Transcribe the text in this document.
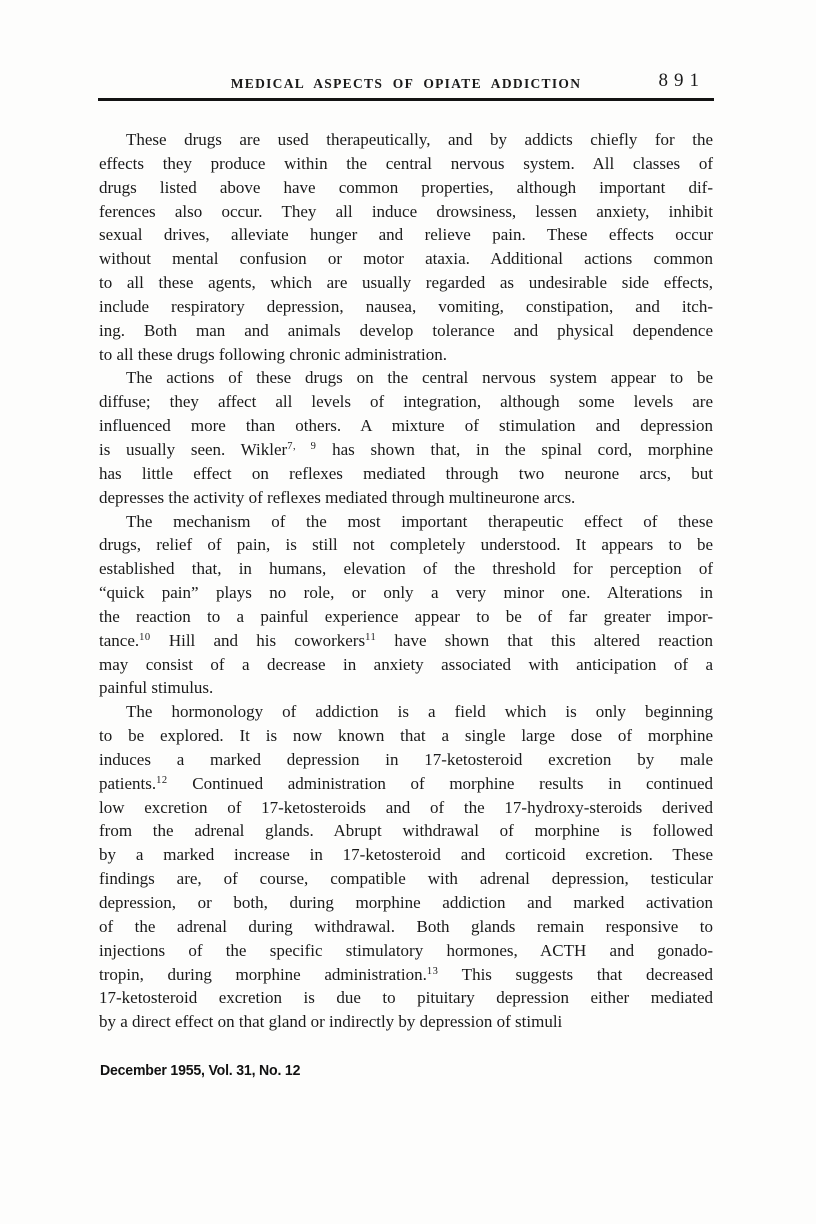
MEDICAL ASPECTS OF OPIATE ADDICTION	891
These drugs are used therapeutically, and by addicts chiefly for the
effects they produce within the central nervous system. All classes of
drugs listed above have common properties, although important dif-
ferences also occur. They all induce drowsiness, lessen anxiety, inhibit
sexual drives, alleviate hunger and relieve pain. These effects occur
without mental confusion or motor ataxia. Additional actions common
to all these agents, which are usually regarded as undesirable side effects,
include respiratory depression, nausea, vomiting, constipation, and itch-
ing. Both man and animals develop tolerance and physical dependence
to all these drugs following chronic administration.
The actions of these drugs on the central nervous system appear to be
diffuse; they affect all levels of integration, although some levels are
influenced more than others. A mixture of stimulation and depression
is usually seen. Wikler$^{7, 9}$ has shown that, in the spinal cord, morphine
has little effect on reflexes mediated through two neurone arcs, but
depresses the activity of reflexes mediated through multineurone arcs.
The mechanism of the most important therapeutic effect of these
drugs, relief of pain, is still not completely understood. It appears to be
established that, in humans, elevation of the threshold for perception of
“quick pain” plays no role, or only a very minor one. Alterations in
the reaction to a painful experience appear to be of far greater impor-
tance.$^{10}$ Hill and his coworkers$^{11}$ have shown that this altered reaction
may consist of a decrease in anxiety associated with anticipation of a
painful stimulus.
The hormonology of addiction is a field which is only beginning
to be explored. It is now known that a single large dose of morphine
induces a marked depression in 17-ketosteroid excretion by male
patients.$^{12}$ Continued administration of morphine results in continued
low excretion of 17-ketosteroids and of the 17-hydroxy-steroids derived
from the adrenal glands. Abrupt withdrawal of morphine is followed
by a marked increase in 17-ketosteroid and corticoid excretion. These
findings are, of course, compatible with adrenal depression, testicular
depression, or both, during morphine addiction and marked activation
of the adrenal during withdrawal. Both glands remain responsive to
injections of the specific stimulatory hormones, ACTH and gonado-
tropin, during morphine administration.$^{13}$ This suggests that decreased
17-ketosteroid excretion is due to pituitary depression either mediated
by a direct effect on that gland or indirectly by depression of stimuli
December 1955, Vol. 31, No. 12
